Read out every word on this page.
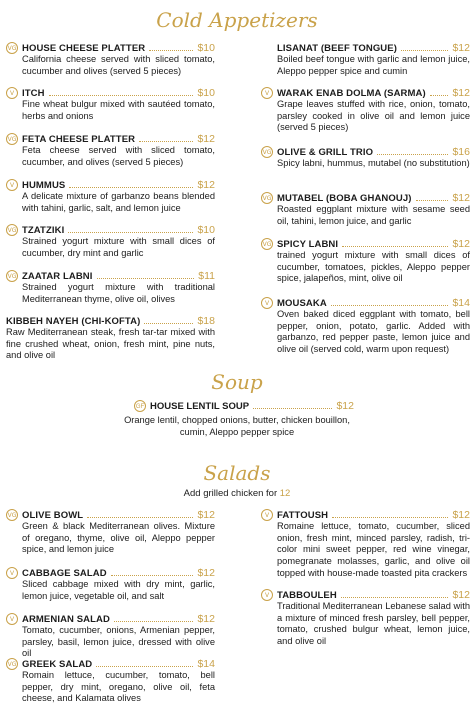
Cold Appetizers
VG HOUSE CHEESE PLATTER	$10
California cheese served with sliced tomato, cucumber and olives (served 5 pieces)
V ITCH	$10
Fine wheat bulgur mixed with sautéed tomato, herbs and onions
VG FETA CHEESE PLATTER	$12
Feta cheese served with sliced tomato, cucumber, and olives (served 5 pieces)
V HUMMUS	$12
A delicate mixture of garbanzo beans blended with tahini, garlic, salt, and lemon juice
VG TZATZIKI	$10
Strained yogurt mixture with small dices of cucumber, dry mint and garlic
VG ZAATAR LABNI	$11
Strained yogurt mixture with traditional Mediterranean thyme, olive oil, olives
KIBBEH NAYEH (CHI-KOFTA)	$18
Raw Mediterranean steak, fresh tar-tar mixed with fine crushed wheat, onion, fresh mint, pine nuts, and olive oil
LISANAT (BEEF TONGUE)	$12
Boiled beef tongue with garlic and lemon juice, Aleppo pepper spice and cumin
V WARAK ENAB DOLMA (SARMA)	$12
Grape leaves stuffed with rice, onion, tomato, parsley cooked in olive oil and lemon juice (served 5 pieces)
VG OLIVE & GRILL TRIO	$16
Spicy labni, hummus, mutabel (no substitution)
VG MUTABEL (BOBA GHANOUJ)	$12
Roasted eggplant mixture with sesame seed oil, tahini, lemon juice, and garlic
VG SPICY LABNI	$12
trained yogurt mixture with small dices of cucumber, tomatoes, pickles, Aleppo pepper spice, jalapeños, mint, olive oil
V MOUSAKA	$14
Oven baked diced eggplant with tomato, bell pepper, onion, potato, garlic. Added with garbanzo, red pepper paste, lemon juice and olive oil (served cold, warm upon request)
Soup
GF HOUSE LENTIL SOUP	$12
Orange lentil, chopped onions, butter, chicken bouillon,
cumin, Aleppo pepper spice
Salads
Add grilled chicken for 12
VG OLIVE BOWL	$12
Green & black Mediterranean olives. Mixture of oregano, thyme, olive oil, Aleppo pepper spice, and lemon juice
V CABBAGE SALAD	$12
Sliced cabbage mixed with dry mint, garlic, lemon juice, vegetable oil, and salt
V ARMENIAN SALAD	$12
Tomato, cucumber, onions, Armenian pepper, parsley, basil, lemon juice, dressed with olive oil
VG GREEK SALAD	$14
Romain lettuce, cucumber, tomato, bell pepper, dry mint, oregano, olive oil, feta cheese, and Kalamata olives
V FATTOUSH	$12
Romaine lettuce, tomato, cucumber, sliced onion, fresh mint, minced parsley, radish, tri-color mini sweet pepper, red wine vinegar, pomegranate molasses, garlic, and olive oil topped with house-made toasted pita crackers
V TABBOULEH	$12
Traditional Mediterranean Lebanese salad with a mixture of minced fresh parsley, bell pepper, tomato, crushed bulgur wheat, lemon juice, and olive oil
